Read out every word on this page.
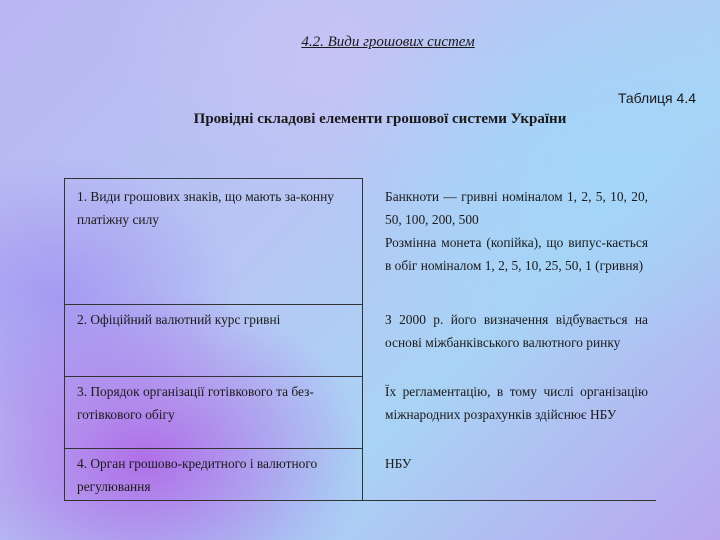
4.2. Види грошових систем
Таблиця 4.4
Провідні складові елементи грошової системи України
1. Види грошових знаків, що мають за-конну платіжну силу	Банкноти — гривні номіналом 1, 2, 5, 10, 20, 50, 100, 200, 500

Розмінна монета (копійка), що випус-кається в обіг номіналом 1, 2, 5, 10, 25, 50, 1 (гривня)

2. Офіційний валютний курс гривні	З 2000 р. його визначення відбувається на основі міжбанківського валютного ринку

3. Порядок організації готівкового та без-готівкового обігу	Їх регламентацію, в тому числі організацію міжнародних розрахунків здійснює НБУ

4. Орган грошово-кредитного і валютного регулювання	НБУ
